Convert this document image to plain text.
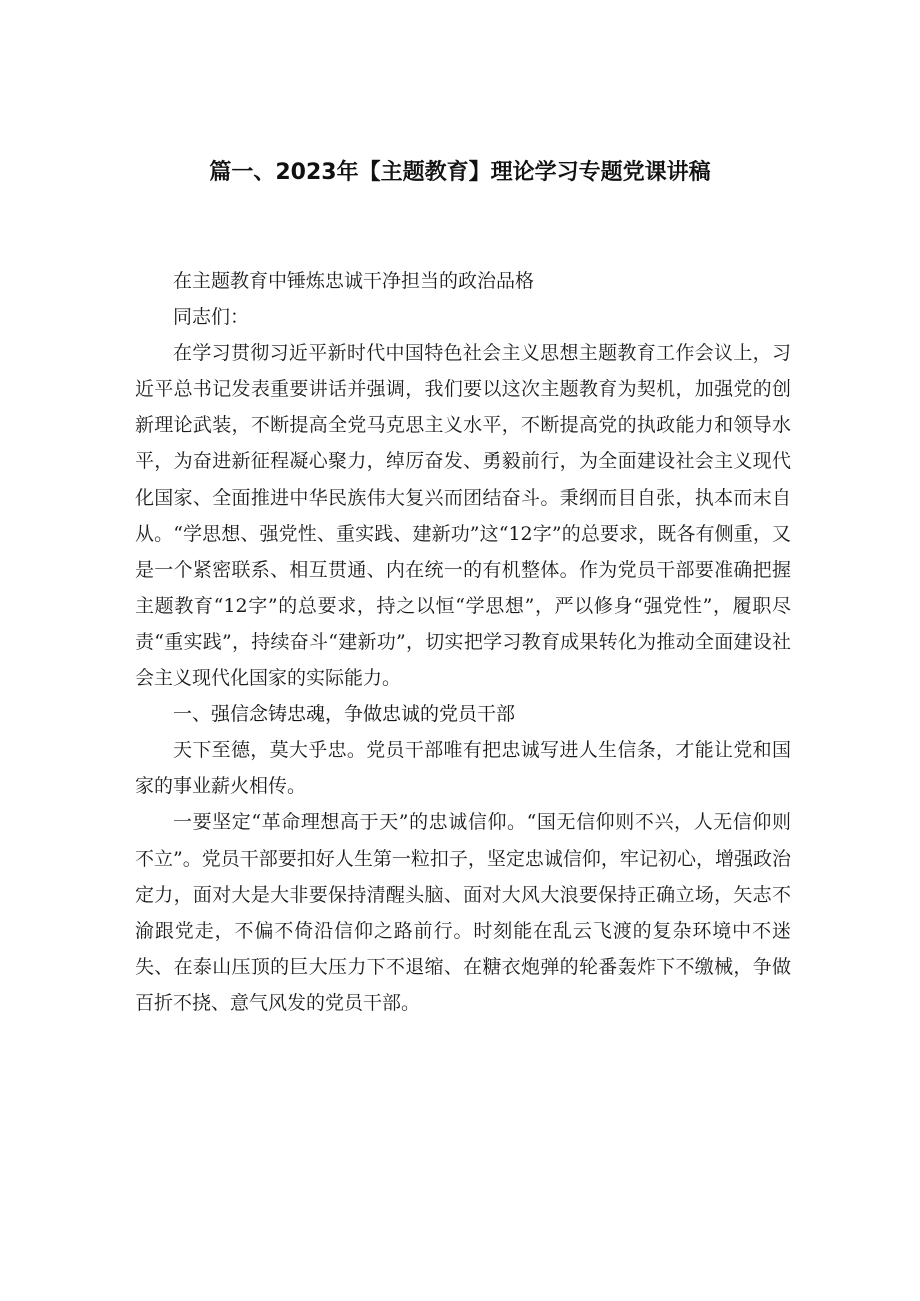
篇一、2023年【主题教育】理论学习专题党课讲稿

在主题教育中锤炼忠诚干净担当的政治品格

同志们：

在学习贯彻习近平新时代中国特色社会主义思想主题教育工作会议上，习近平总书记发表重要讲话并强调，我们要以这次主题教育为契机，加强党的创新理论武装，不断提高全党马克思主义水平，不断提高党的执政能力和领导水平，为奋进新征程凝心聚力，绰厉奋发、勇毅前行，为全面建设社会主义现代化国家、全面推进中华民族伟大复兴而团结奋斗。秉纲而目自张，执本而末自从。“学思想、强党性、重实践、建新功”这“12字”的总要求，既各有侧重，又是一个紧密联系、相互贯通、内在统一的有机整体。作为党员干部要准确把握主题教育“12字”的总要求，持之以恒“学思想”，严以修身“强党性”，履职尽责“重实践”，持续奋斗“建新功”，切实把学习教育成果转化为推动全面建设社会主义现代化国家的实际能力。

一、强信念铸忠魂，争做忠诚的党员干部

天下至德，莫大乎忠。党员干部唯有把忠诚写进人生信条，才能让党和国家的事业薪火相传。

一要坚定“革命理想高于天”的忠诚信仰。“国无信仰则不兴，人无信仰则不立”。党员干部要扣好人生第一粒扣子，坚定忠诚信仰，牢记初心，增强政治定力，面对大是大非要保持清醒头脑、面对大风大浪要保持正确立场，矢志不渝跟党走，不偏不倚沿信仰之路前行。时刻能在乱云飞渡的复杂环境中不迷失、在泰山压顶的巨大压力下不退缩、在糖衣炮弹的轮番轰炸下不缴械，争做百折不挠、意气风发的党员干部。
